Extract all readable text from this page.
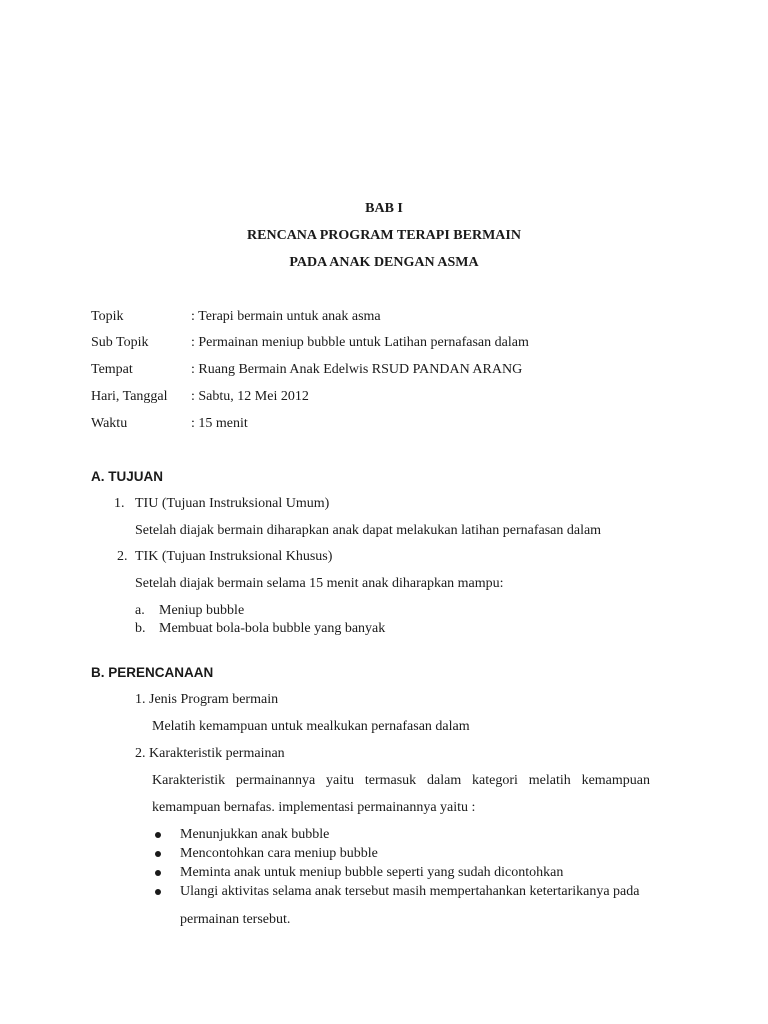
BAB I
RENCANA PROGRAM TERAPI BERMAIN
PADA ANAK DENGAN ASMA
Topik	: Terapi bermain untuk anak asma
Sub Topik	: Permainan meniup bubble untuk Latihan pernafasan dalam
Tempat	: Ruang Bermain Anak Edelwis RSUD PANDAN ARANG
Hari, Tanggal : Sabtu, 12 Mei 2012
Waktu	: 15 menit
A. TUJUAN
1. TIU (Tujuan Instruksional Umum)
Setelah diajak bermain diharapkan anak dapat melakukan latihan pernafasan dalam
2. TIK (Tujuan Instruksional Khusus)
Setelah diajak bermain selama 15 menit anak diharapkan mampu:
a. Meniup bubble
b. Membuat bola-bola bubble yang banyak
B. PERENCANAAN
1. Jenis Program bermain
Melatih kemampuan untuk mealkukan pernafasan dalam
2. Karakteristik permainan
Karakteristik permainannya yaitu termasuk dalam kategori melatih kemampuan
kemampuan bernafas. implementasi permainannya yaitu :
Menunjukkan anak bubble
Mencontohkan cara meniup bubble
Meminta anak untuk meniup bubble seperti yang sudah dicontohkan
Ulangi aktivitas selama anak tersebut masih mempertahankan ketertarikanya pada
permainan tersebut.
